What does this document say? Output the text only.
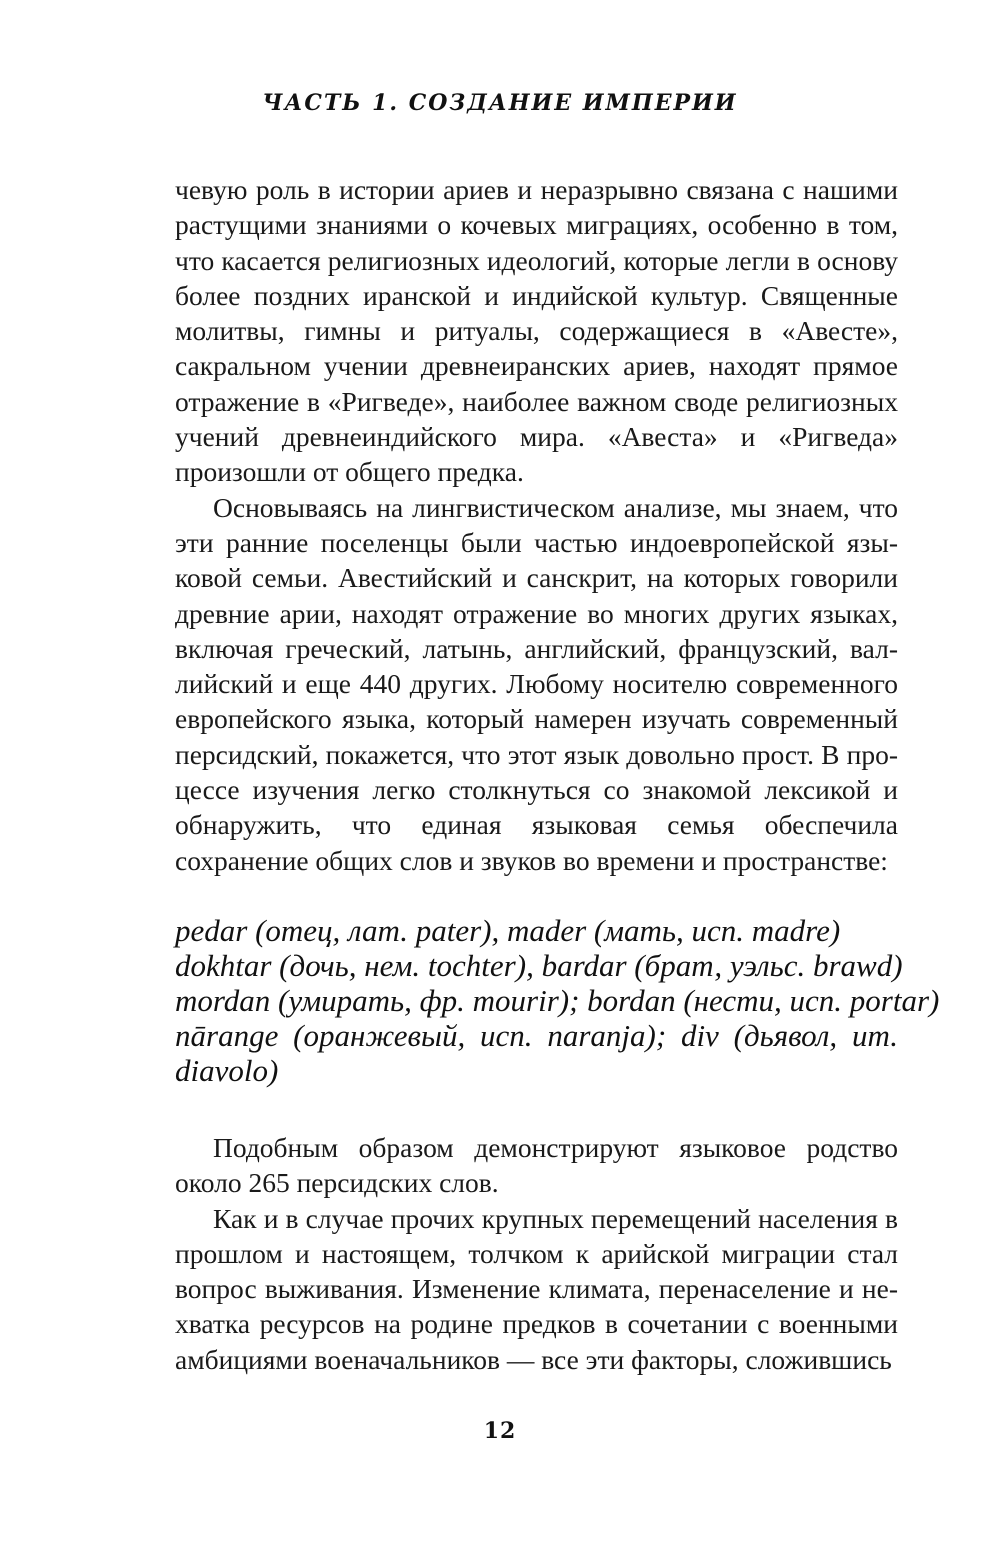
ЧАСТЬ 1. СОЗДАНИЕ ИМПЕРИИ

чевую роль в истории ариев и неразрывно связана с нашими растущими знаниями о кочевых миграциях, особенно в том, что касается религиозных идеологий, которые легли в основу более поздних иранской и индийской культур. Священные молитвы, гимны и ритуалы, содержащиеся в «Авесте», сакральном учении древнеиранских ариев, находят прямое отражение в «Ригведе», наиболее важном своде религиозных учений древнеиндийского мира. «Авеста» и «Ригведа» произошли от общего предка.

Основываясь на лингвистическом анализе, мы знаем, что эти ранние поселенцы были частью индоевропейской языковой семьи. Авестийский и санскрит, на которых говорили древние арии, находят отражение во многих других языках, включая греческий, латынь, английский, французский, валлийский и еще 440 других. Любому носителю современного европейского языка, который намерен изучать современный персидский, покажется, что этот язык довольно прост. В процессе изучения легко столкнуться со знакомой лексикой и обнаружить, что единая языковая семья обеспечила сохранение общих слов и звуков во времени и пространстве:

pedar (отец, лат. pater), mader (мать, исп. madre)
dokhtar (дочь, нем. tochter), bardar (брат, уэльс. brawd)
mordan (умирать, фр. mourir); bordan (нести, исп. portar)
nārange (оранжевый, исп. naranja); div (дьявол, ит. diavolo)

Подобным образом демонстрируют языковое родство около 265 персидских слов.

Как и в случае прочих крупных перемещений населения в прошлом и настоящем, толчком к арийской миграции стал вопрос выживания. Изменение климата, перенаселение и нехватка ресурсов на родине предков в сочетании с военными амбициями военачальников — все эти факторы, сложившись

12
